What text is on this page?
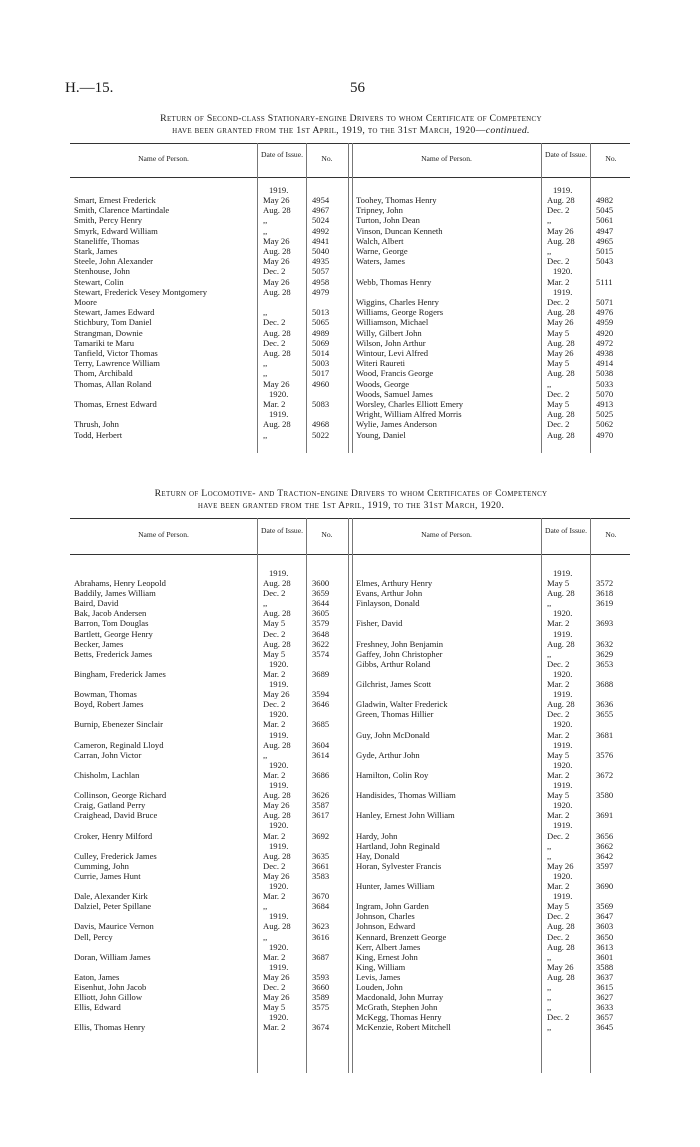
H.—15.	56
Return of Second-class Stationary-engine Drivers to whom Certificate of Competency
have been granted from the 1st April, 1919, to the 31st March, 1920—continued.
Name of Person.	Date of Issue.	No.
1919.
Smart, Ernest Frederick	May 26	4954
Smith, Clarence Martindale	Aug. 28 4967
Smith, Percy Henry	,,	5024
Smyrk, Edward William	,,	4992
Staneliffe, Thomas	May 26	4941
Stark, James	Aug. 28 5040
Steele, John Alexander	May 26	4935
Stenhouse, John	Dec. 2	5057
Stewart, Colin	May 26	4958
Stewart, Frederick Vesey Montgomery	Aug. 28 4979
Moore
Stewart, James Edward	,,	5013
Stichbury, Tom Daniel	Dec. 2	5065
Strangman, Downie	Aug. 28 4989
Tamariki te Maru	Dec. 2	5069
Tanfield, Victor Thomas	Aug. 28 5014
Terry, Lawrence William	,,	5003
Thom, Archibald	,,	5017
Thomas, Allan Roland	May 26	4960
1920.
Thomas, Ernest Edward	Mar. 2	5083
1919.
Thrush, John	Aug. 28 4968
Todd, Herbert	,,	5022
Name of Person.	Date of Issue.	No.
1919.
Toohey, Thomas Henry	Aug. 28 4982
Tripney, John	Dec. 2	5045
Turton, John Dean	,,	5061
Vinson, Duncan Kenneth	May 26	4947
Walch, Albert	Aug. 28 4965
Warne, George	,,	5015
Waters, James	Dec. 2	5043
1920.
Webb, Thomas Henry	Mar. 2	5111
1919.
Wiggins, Charles Henry	Dec. 2	5071
Williams, George Rogers	Aug. 28 4976
Williamson, Michael	May 26	4959
Willy, Gilbert John	May 5	4920
Wilson, John Arthur	Aug. 28 4972
Wintour, Levi Alfred	May 26	4938
Witeri Raureti	May 5	4914
Wood, Francis George	Aug. 28 5038
Woods, George	,,	5033
Woods, Samuel James	Dec. 2	5070
Worsley, Charles Elliott Emery	May 5	4913
Wright, William Alfred Morris	Aug. 28 5025
Wylie, James Anderson	Dec. 2	5062
Young, Daniel	Aug. 28 4970
Return of Locomotive- and Traction-engine Drivers to whom Certificates of Competency
have been granted from the 1st April, 1919, to the 31st March, 1920.
Name of Person.	Date of Issue.	No.
1919.
Abrahams, Henry Leopold	Aug. 28 3600
Baddily, James William	Dec. 2	3659
Baird, David	,,	3644
Bak, Jacob Andersen	Aug. 28 3605
Barron, Tom Douglas	May 5	3579
Bartlett, George Henry	Dec. 2	3648
Becker, James	Aug. 28 3622
Betts, Frederick James	May 5	3574
1920.
Bingham, Frederick James	Mar. 2	3689
1919.
Bowman, Thomas	May 26	3594
Boyd, Robert James	Dec. 2	3646
1920.
Burnip, Ebenezer Sinclair	Mar. 2	3685
1919.
Cameron, Reginald Lloyd	Aug. 28 3604
Carran, John Victor	,,	3614
1920.
Chisholm, Lachlan	Mar. 2	3686
1919.
Collinson, George Richard	Aug. 28 3626
Craig, Gatland Perry	May 26	3587
Craighead, David Bruce	Aug. 28 3617
1920.
Croker, Henry Milford	Mar. 2	3692
1919.
Culley, Frederick James	Aug. 28 3635
Cumming, John	Dec. 2	3661
Currie, James Hunt	May 26	3583
1920.
Dale, Alexander Kirk	Mar. 2	3670
Dalziel, Peter Spillane	,,	3684
1919.
Davis, Maurice Vernon	Aug. 28 3623
Dell, Percy	,,	3616
1920.
Doran, William James	Mar. 2	3687
1919.
Eaton, James	May 26	3593
Eisenhut, John Jacob	Dec. 2	3660
Elliott, John Gillow	May 26	3589
Ellis, Edward	May 5	3575
1920.
Ellis, Thomas Henry	Mar. 2	3674
Name of Person.	Date of Issue.	No.
1919.
Elmes, Arthury Henry	May 5	3572
Evans, Arthur John	Aug. 28 3618
Finlayson, Donald	,,	3619
1920.
Fisher, David	Mar. 2	3693
1919.
Freshney, John Benjamin	Aug. 28 3632
Gaffey, John Christopher	,,	3629
Gibbs, Arthur Roland	Dec. 2	3653
1920.
Gilchrist, James Scott	Mar. 2	3688
1919.
Gladwin, Walter Frederick	Aug. 28 3636
Green, Thomas Hillier	Dec. 2	3655
1920.
Guy, John McDonald	Mar. 2	3681
1919.
Gyde, Arthur John	May 5	3576
1920.
Hamilton, Colin Roy	Mar. 2	3672
1919.
Handisides, Thomas William	May 5	3580
1920.
Hanley, Ernest John William	Mar. 2	3691
1919.
Hardy, John	Dec. 2	3656
Hartland, John Reginald	,,	3662
Hay, Donald	,,	3642
Horan, Sylvester Francis	May 26	3597
1920.
Hunter, James William	Mar. 2	3690
1919.
Ingram, John Garden	May 5	3569
Johnson, Charles	Dec. 2	3647
Johnson, Edward	Aug. 28 3603
Kennard, Brenzett George	Dec. 2	3650
Kerr, Albert James	Aug. 28 3613
King, Ernest John	,,	3601
King, William	May 26	3588
Levis, James	Aug. 28 3637
Louden, John	,,	3615
Macdonald, John Murray	,,	3627
McGrath, Stephen John	,,	3633
McKegg, Thomas Henry	Dec. 2	3657
McKenzie, Robert Mitchell	,,	3645
